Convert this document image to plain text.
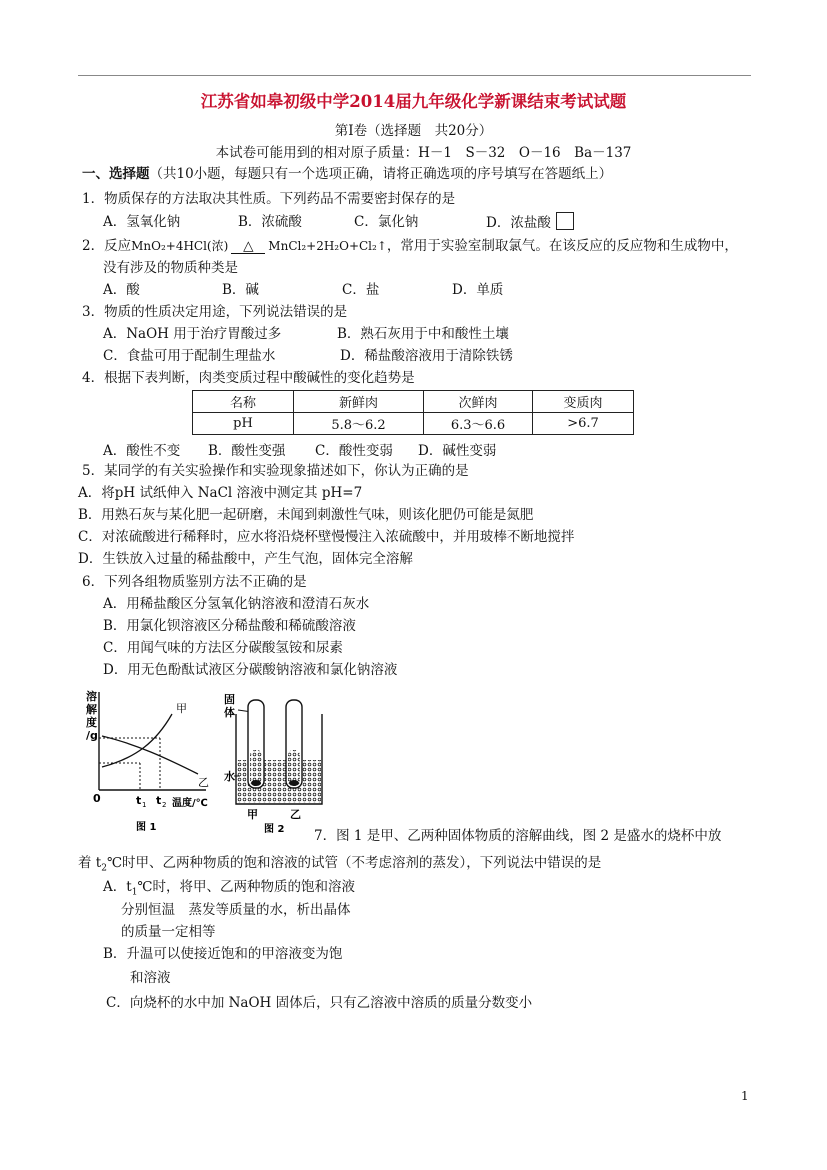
江苏省如皋初级中学2014届九年级化学新课结束考试试题
第Ⅰ卷（选择题　共20分）
本试卷可能用到的相对原子质量：H－1　S－32　O－16　Ba－137
一、选择题（共10小题，每题只有一个选项正确，请将正确选项的序号填写在答题纸上）
1．物质保存的方法取决其性质。下列药品不需要密封保存的是
A．氢氧化钠	B．浓硫酸	C．氯化钠	D．浓盐酸
2．反应MnO₂+4HCl(浓) △ MnCl₂+2H₂O+Cl₂↑，常用于实验室制取氯气。在该反应的反应物和生成物中，
没有涉及的物质种类是
A．酸	B．碱	C．盐	D．单质
3．物质的性质决定用途，下列说法错误的是
A．NaOH 用于治疗胃酸过多	B．熟石灰用于中和酸性土壤
C．食盐可用于配制生理盐水	D．稀盐酸溶液用于清除铁锈
4．根据下表判断，肉类变质过程中酸碱性的变化趋势是
名称	新鲜肉	次鲜肉	变质肉
pH	5.8～6.2	6.3～6.6	>6.7
A．酸性不变 B．酸性变强 C．酸性变弱 D．碱性变弱
5．某同学的有关实验操作和实验现象描述如下，你认为正确的是
A．将pH 试纸伸入 NaCl 溶液中测定其 pH=7
B．用熟石灰与某化肥一起研磨，未闻到刺激性气味，则该化肥仍可能是氮肥
C．对浓硫酸进行稀释时，应水将沿烧杯壁慢慢注入浓硫酸中，并用玻棒不断地搅拌
D．生铁放入过量的稀盐酸中，产生气泡，固体完全溶解
6．下列各组物质鉴别方法不正确的是
A．用稀盐酸区分氢氧化钠溶液和澄清石灰水
B．用氯化钡溶液区分稀盐酸和稀硫酸溶液
C．用闻气味的方法区分碳酸氢铵和尿素
D．用无色酚酞试液区分碳酸钠溶液和氯化钠溶液
溶
解
度
/g
甲
乙
0	t 1 t 2 温度/℃
图 1
固
体
水
甲	乙
图 2 7．图 1 是甲、乙两种固体物质的溶解曲线，图 2 是盛水的烧杯中放
着 $t_2℃$时甲、乙两种物质的饱和溶液的试管（不考虑溶剂的蒸发），下列说法中错误的是
A．$t_1℃$时，将甲、乙两种物质的饱和溶液
分别恒温　蒸发等质量的水，析出晶体
的质量一定相等
B．升温可以使接近饱和的甲溶液变为饱
和溶液
C．向烧杯的水中加 NaOH 固体后，只有乙溶液中溶质的质量分数变小
1
